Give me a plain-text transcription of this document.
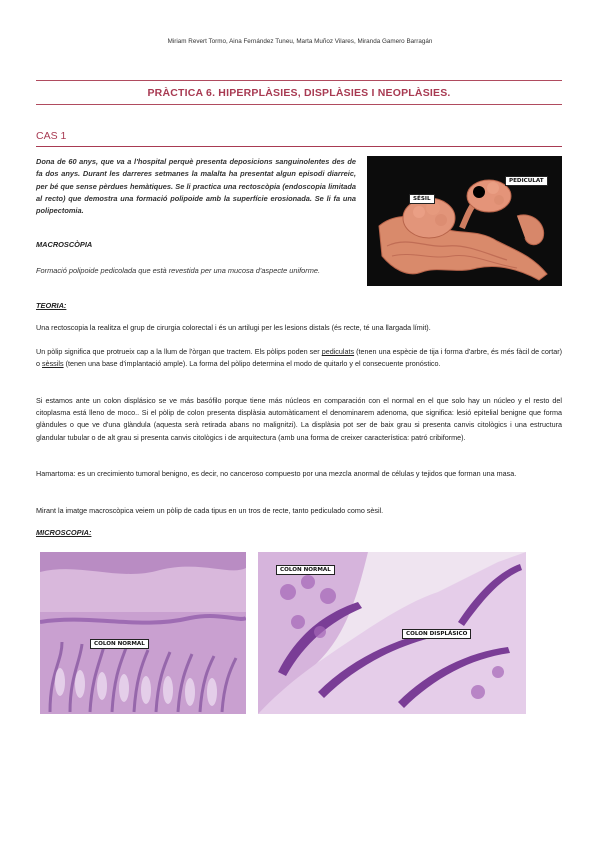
Miriam Revert Tormo, Aina Fernández Tuneu, Marta Muñoz Vilares, Miranda Gamero Barragán
PRÀCTICA 6. HIPERPLÀSIES, DISPLÀSIES I NEOPLÀSIES.
CAS 1
Dona de 60 anys, que va a l'hospital perquè presenta deposicions sanguinolentes des de fa dos anys. Durant les darreres setmanes la malalta ha presentat algun episodi diarreic, per bé que sense pèrdues hemàtiques. Se li practica una rectoscòpia (endoscopia limitada al recto) que demostra una formació polipoide amb la superfície erosionada. Se li fa una polipectomia.
SÉSIL
PEDICULAT
MACROSCÒPIA
Formació polipoide pedicolada que està revestida per una mucosa d'aspecte uniforme.
TEORIA:
Una rectoscopia la realitza el grup de cirurgia colorectal i és un artilugi per les lesions distals (és recte, té una llargada límit).
Un pòlip significa que protrueix cap a la llum de l'òrgan que tractem. Els pòlips poden ser pediculats (tenen una espècie de tija i forma d'arbre, és més fàcil de cortar) o sèssils (tenen una base d'implantació ample). La forma del pòlipo determina el modo de quitarlo y el consecuente pronóstico.
Si estamos ante un colon displásico se ve más basófilo porque tiene más núcleos en comparación con el normal en el que solo hay un núcleo y el resto del citoplasma está lleno de moco.. Si el pòlip de colon presenta displàsia automàticament el denominarem adenoma, que significa: lesió epitelial benigne que forma glàndules o que ve d'una glàndula (aquesta serà retirada abans no malignitzi). La displàsia pot ser de baix grau si presenta canvis citològics i una estructura glandular tubular o de alt grau si presenta canvis citològics i de arquitectura (amb una forma de creixer característica: patró cribiforme).
Hamartoma: es un crecimiento tumoral benigno, es decir, no canceroso compuesto por una mezcla anormal de células y tejidos que forman una masa.
Mirant la imatge macroscòpica veiem un pòlip de cada tipus en un tros de recte, tanto pediculado como sèsil.
MICROSCOPIA:
COLON NORMAL
COLON NORMAL
COLON DISPLÁSICO
